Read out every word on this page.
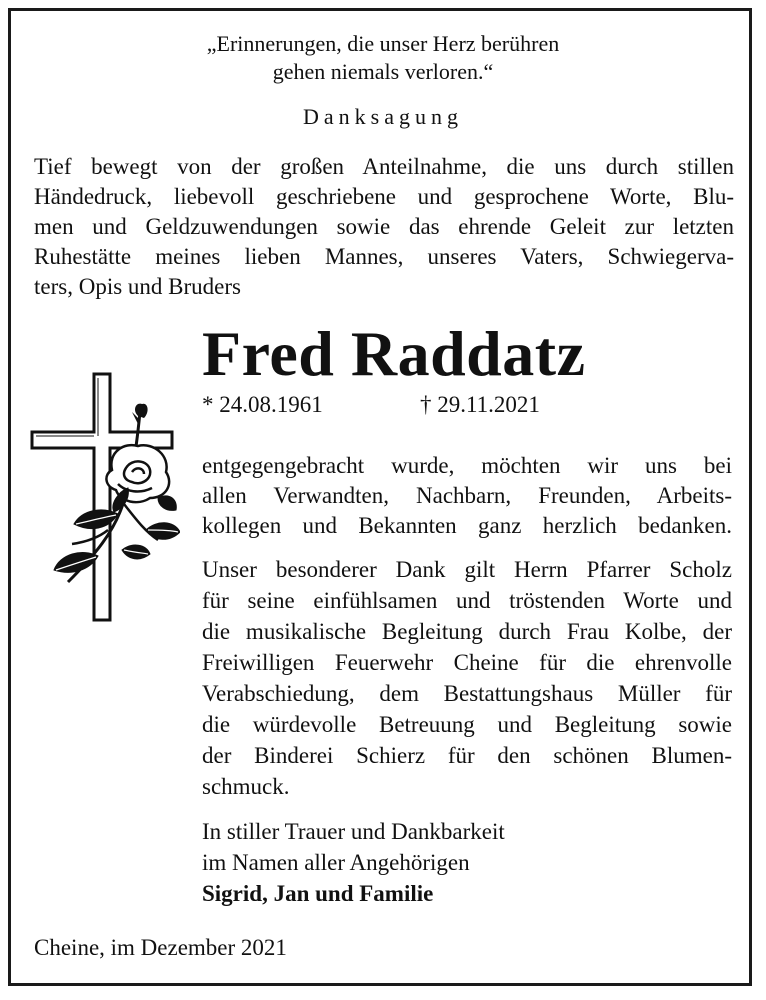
„Erinnerungen, die unser Herz berühren

gehen niemals verloren.“

Danksagung

Tief bewegt von der großen Anteilnahme, die uns durch stillen

Händedruck, liebevoll geschriebene und gesprochene Worte, Blu-

men und Geldzuwendungen sowie das ehrende Geleit zur letzten

Ruhestätte meines lieben Mannes, unseres Vaters, Schwiegerva-

ters, Opis und Bruders

Fred Raddatz

* 24.08.1961	† 29.11.2021

entgegengebracht wurde, möchten wir uns bei

allen Verwandten, Nachbarn, Freunden, Arbeits-

kollegen und Bekannten ganz herzlich bedanken.

Unser besonderer Dank gilt Herrn Pfarrer Scholz

für seine einfühlsamen und tröstenden Worte und

die musikalische Begleitung durch Frau Kolbe, der

Freiwilligen Feuerwehr Cheine für die ehrenvolle

Verabschiedung, dem Bestattungshaus Müller für

die würdevolle Betreuung und Begleitung sowie

der Binderei Schierz für den schönen Blumen-

schmuck.

In stiller Trauer und Dankbarkeit

im Namen aller Angehörigen

Sigrid, Jan und Familie

Cheine, im Dezember 2021
